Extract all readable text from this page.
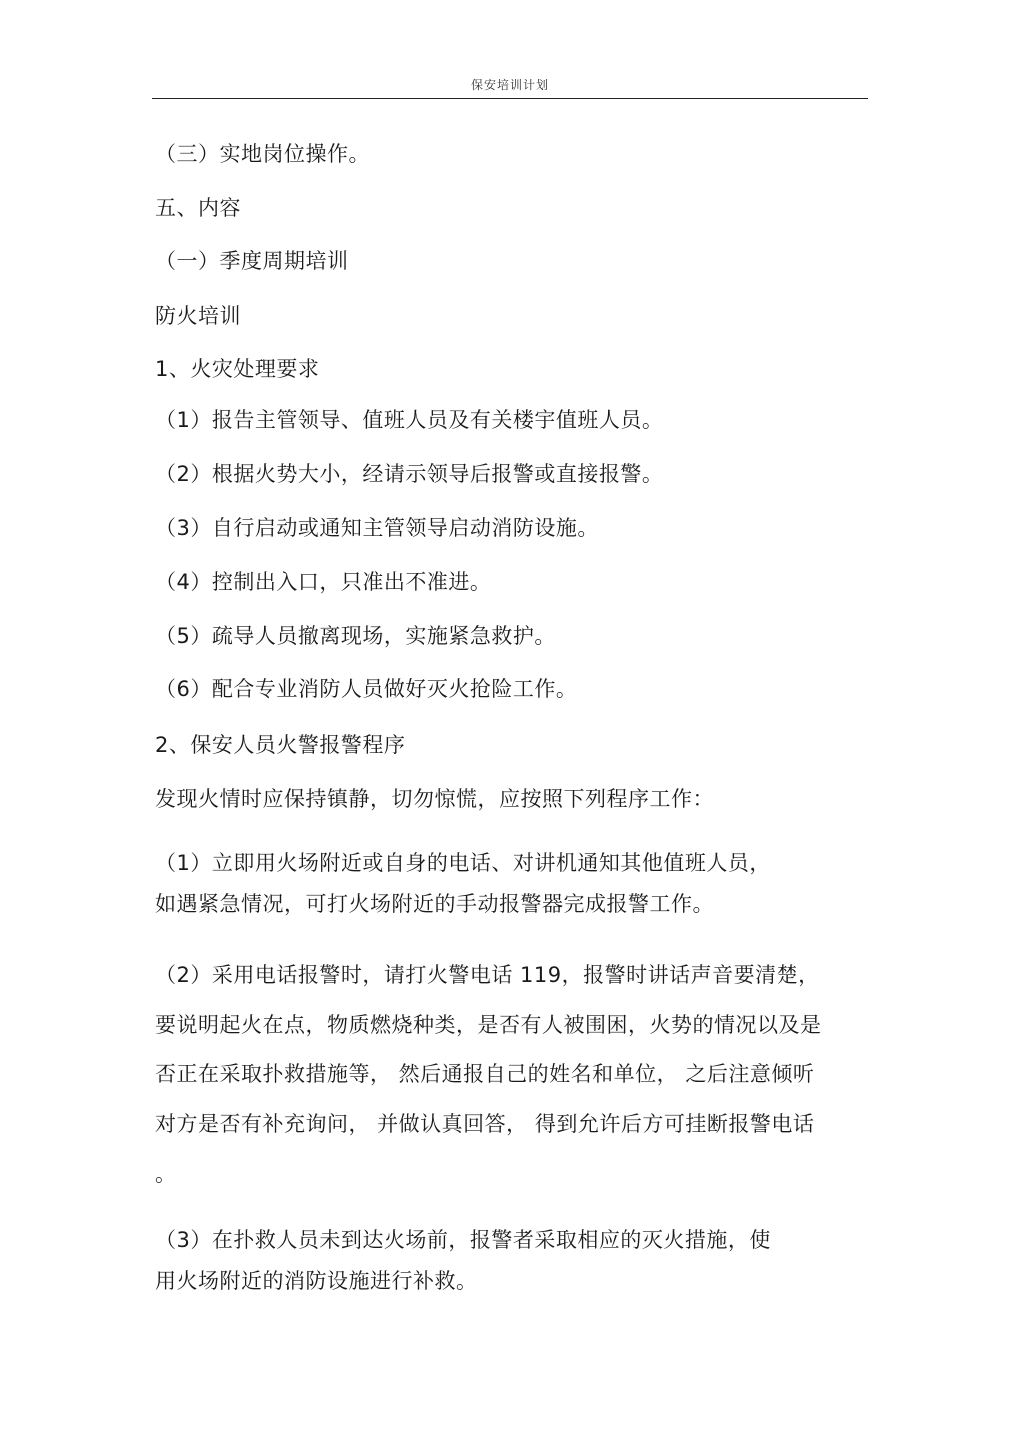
保安培训计划
（三）实地岗位操作。
五、内容
（一）季度周期培训
防火培训
1、火灾处理要求
（1）报告主管领导、值班人员及有关楼宇值班人员。
（2）根据火势大小，经请示领导后报警或直接报警。
（3）自行启动或通知主管领导启动消防设施。
（4）控制出入口，只准出不准进。
（5）疏导人员撤离现场，实施紧急救护。
（6）配合专业消防人员做好灭火抢险工作。
2、保安人员火警报警程序
发现火情时应保持镇静，切勿惊慌，应按照下列程序工作：
（1）立即用火场附近或自身的电话、对讲机通知其他值班人员，
如遇紧急情况，可打火场附近的手动报警器完成报警工作。
（2）采用电话报警时，请打火警电话 119，报警时讲话声音要清楚，
要说明起火在点，物质燃烧种类，是否有人被围困，火势的情况以及是
否正在采取扑救措施等， 然后通报自己的姓名和单位， 之后注意倾听
对方是否有补充询问， 并做认真回答， 得到允许后方可挂断报警电话
。
（3）在扑救人员未到达火场前，报警者采取相应的灭火措施，使
用火场附近的消防设施进行补救。
